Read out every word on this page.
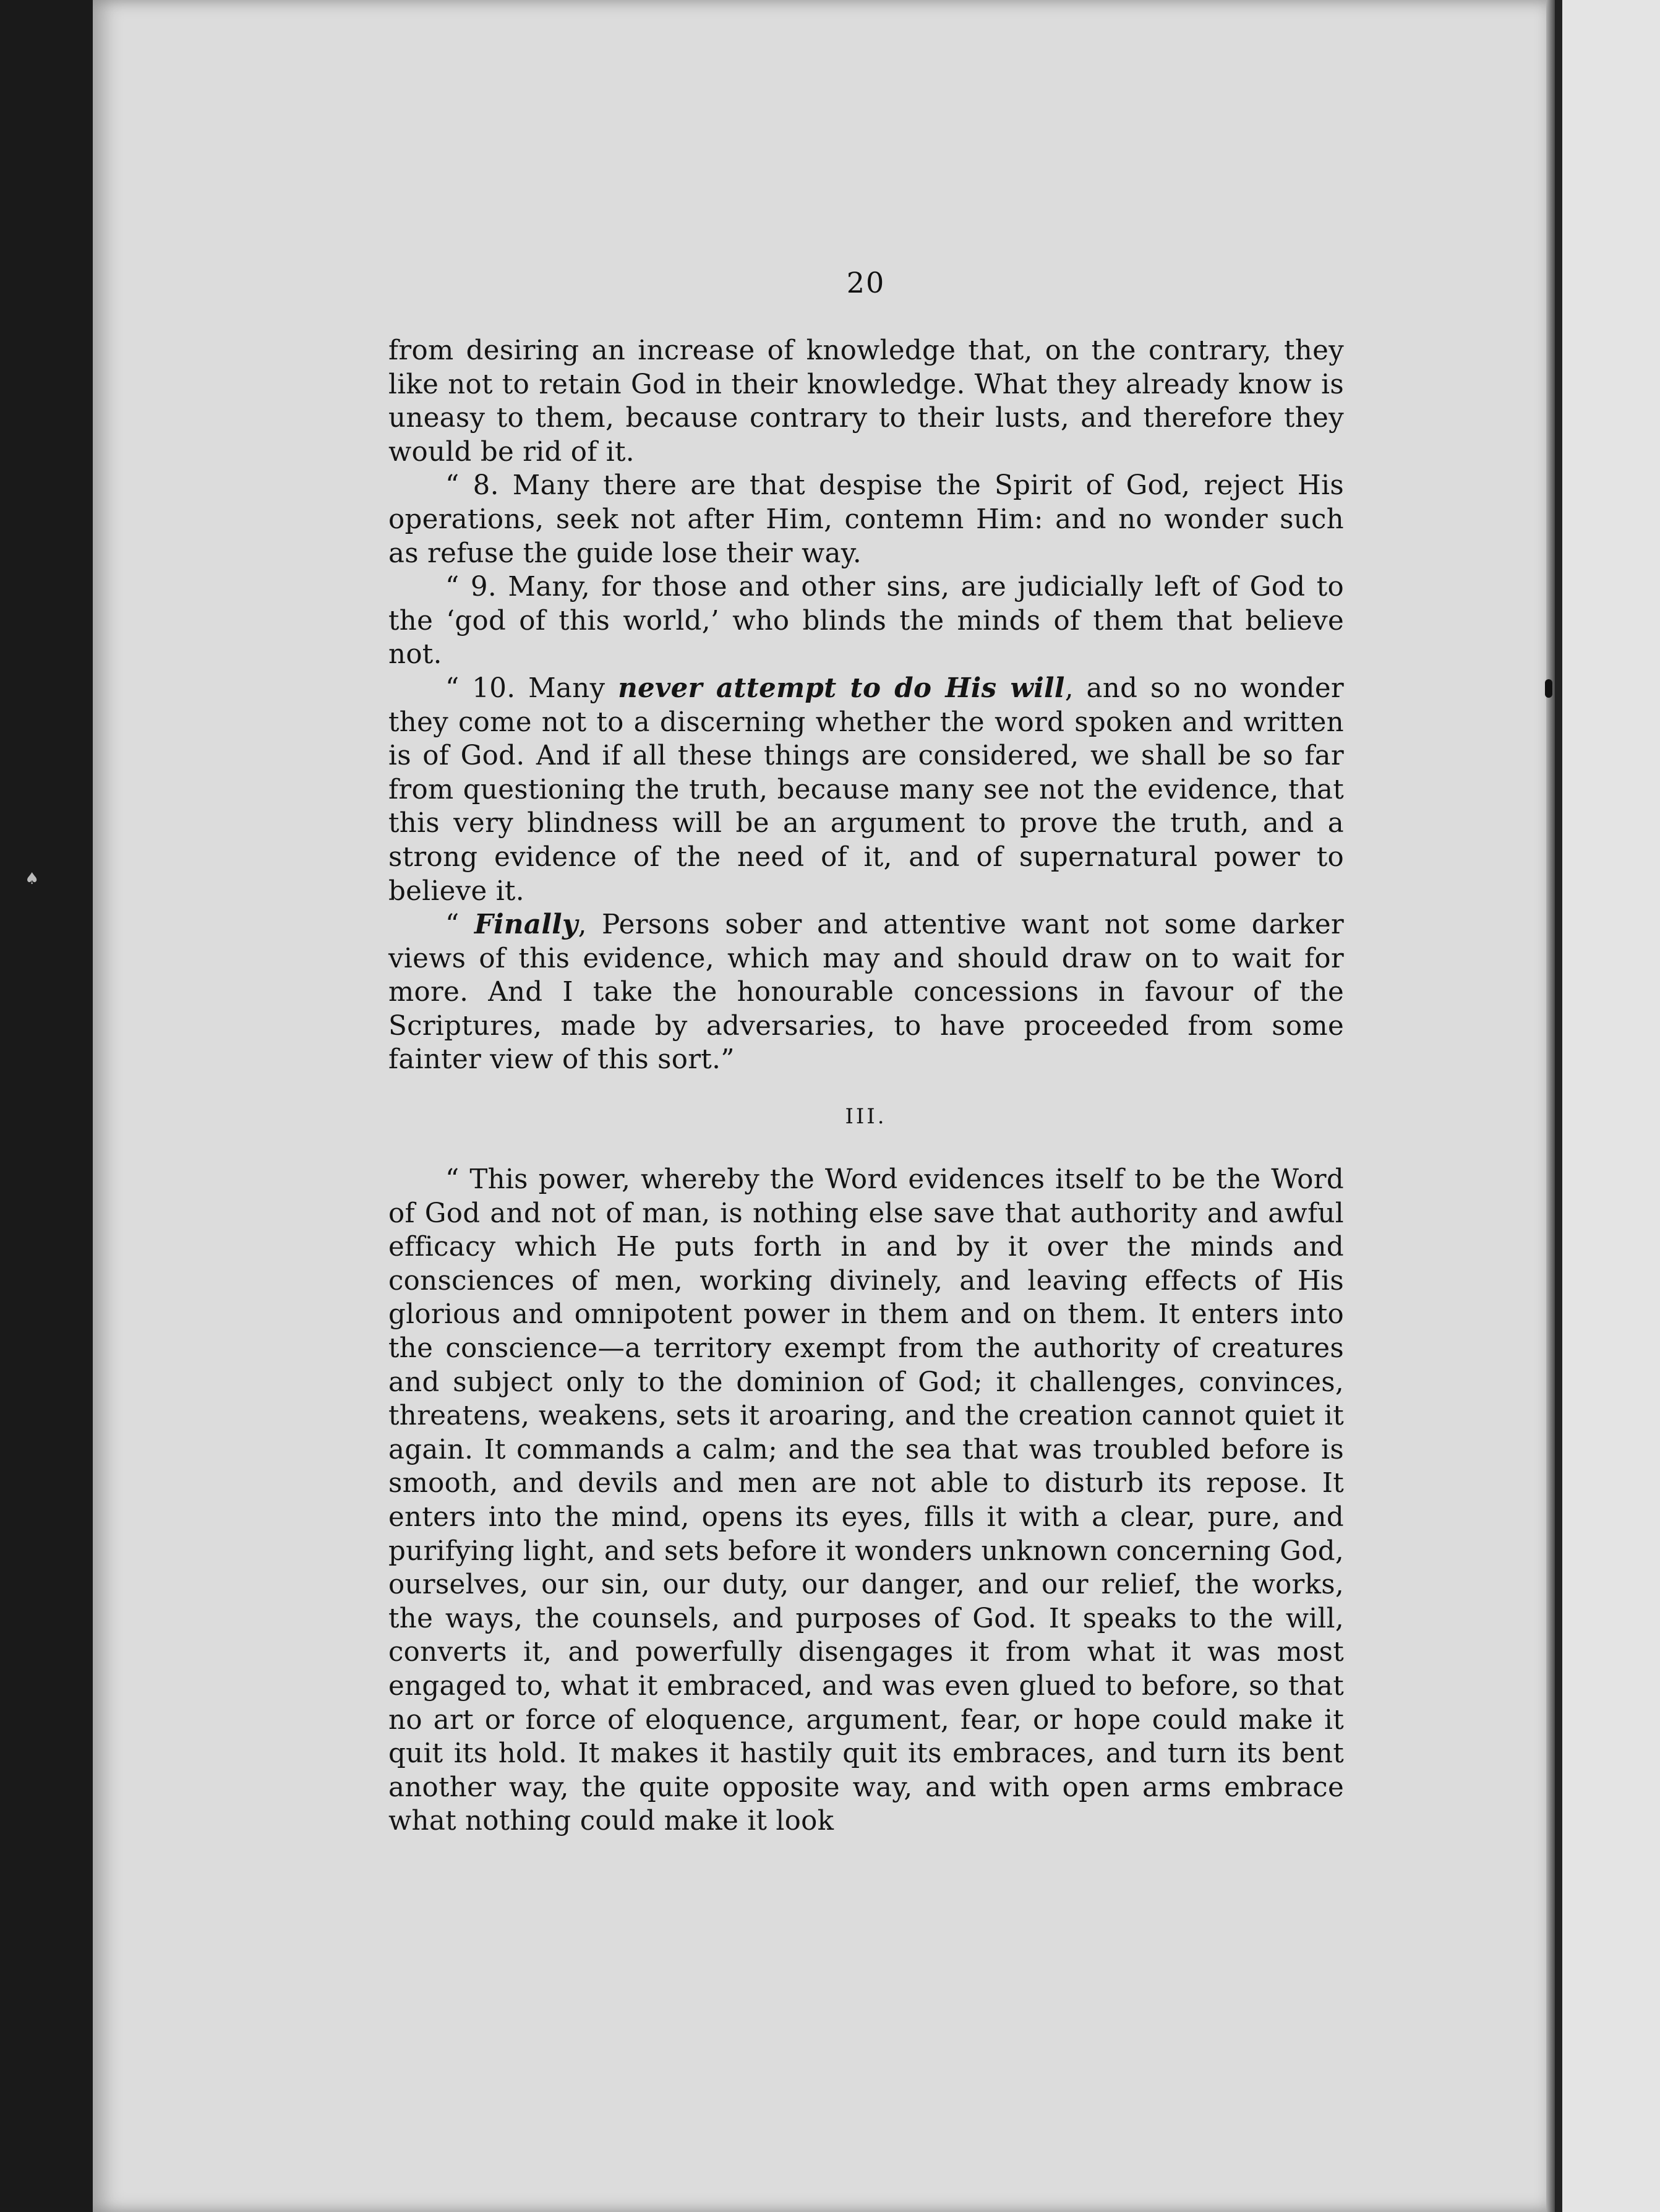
♠
20

from desiring an increase of knowledge that, on the contrary, they like not to retain God in their knowledge. What they already know is uneasy to them, because contrary to their lusts, and therefore they would be rid of it.

“ 8. Many there are that despise the Spirit of God, reject His operations, seek not after Him, contemn Him: and no wonder such as refuse the guide lose their way.

“ 9. Many, for those and other sins, are judicially left of God to the ‘god of this world,’ who blinds the minds of them that believe not.

“ 10. Many never attempt to do His will, and so no wonder they come not to a discerning whether the word spoken and written is of God. And if all these things are considered, we shall be so far from questioning the truth, because many see not the evidence, that this very blindness will be an argument to prove the truth, and a strong evidence of the need of it, and of supernatural power to believe it.

“ Finally, Persons sober and attentive want not some darker views of this evidence, which may and should draw on to wait for more. And I take the honourable concessions in favour of the Scriptures, made by adversaries, to have proceeded from some fainter view of this sort.”

III.

“ This power, whereby the Word evidences itself to be the Word of God and not of man, is nothing else save that authority and awful efficacy which He puts forth in and by it over the minds and consciences of men, working divinely, and leaving effects of His glorious and omnipotent power in them and on them. It enters into the conscience—a territory exempt from the authority of creatures and subject only to the dominion of God; it challenges, convinces, threatens, weakens, sets it aroaring, and the creation cannot quiet it again. It commands a calm; and the sea that was troubled before is smooth, and devils and men are not able to disturb its repose. It enters into the mind, opens its eyes, fills it with a clear, pure, and purifying light, and sets before it wonders unknown concerning God, ourselves, our sin, our duty, our danger, and our relief, the works, the ways, the counsels, and purposes of God. It speaks to the will, converts it, and powerfully disengages it from what it was most engaged to, what it embraced, and was even glued to before, so that no art or force of eloquence, argument, fear, or hope could make it quit its hold. It makes it hastily quit its embraces, and turn its bent another way, the quite opposite way, and with open arms embrace what nothing could make it look
